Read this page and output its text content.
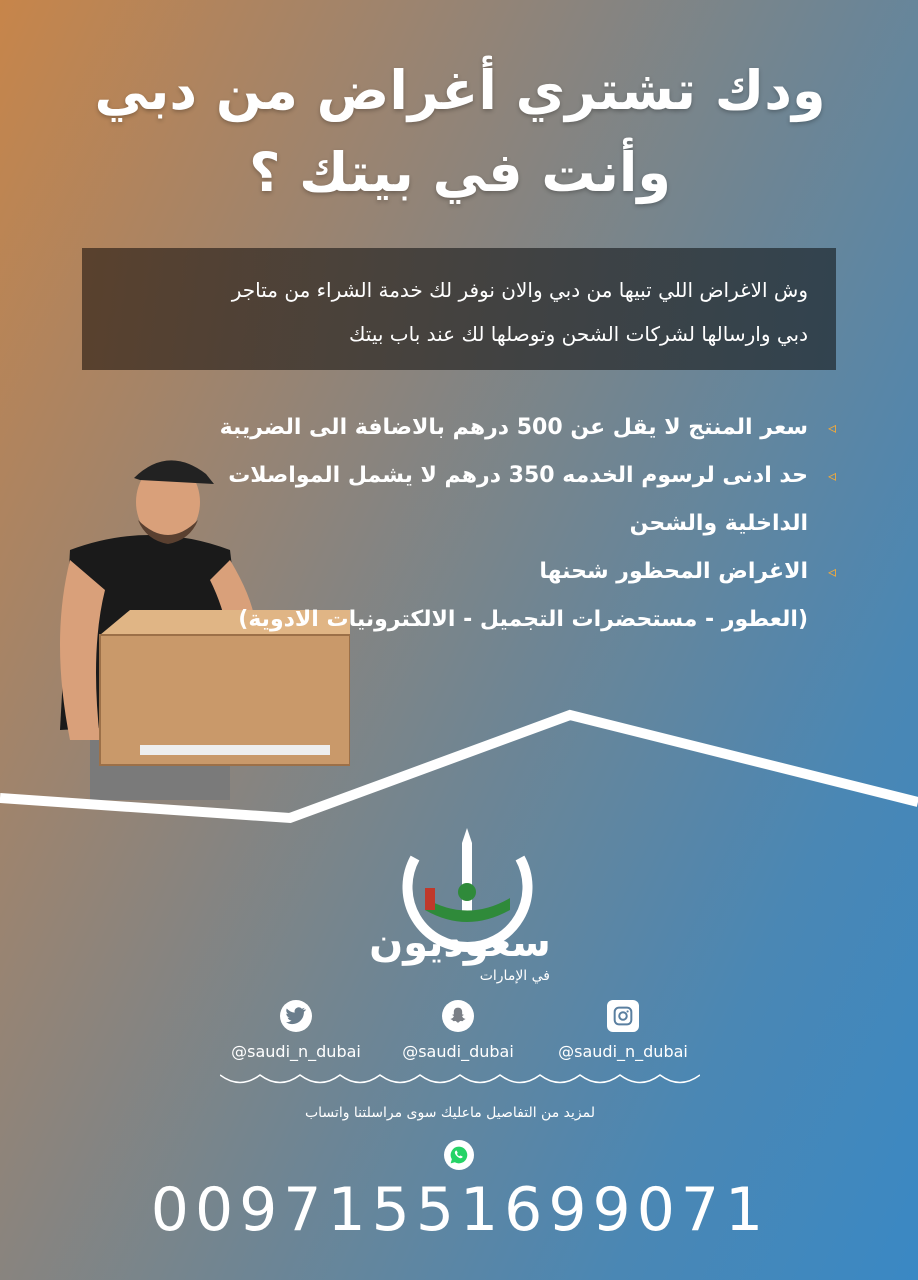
ودك تشتري أغراض من دبي
وأنت في بيتك ؟

وش الاغراض اللي تبيها من دبي والان نوفر لك خدمة الشراء من متاجر
دبي وارسالها لشركات الشحن وتوصلها لك عند باب بيتك

◃
سعر المنتج لا يقل عن 500 درهم بالاضافة الى الضريبة
◃
حد ادنى لرسوم الخدمه 350 درهم لا يشمل المواصلات الداخلية والشحن
◃
الاغراض المحظور شحنها
(العطور - مستحضرات التجميل - الالكترونيات الادوية)
سعوديون
في الإمارات
@saudi_n_dubai	@saudi_dubai	@saudi_n_dubai
لمزيد من التفاصيل ماعليك سوى مراسلتنا واتساب
00971551699071
